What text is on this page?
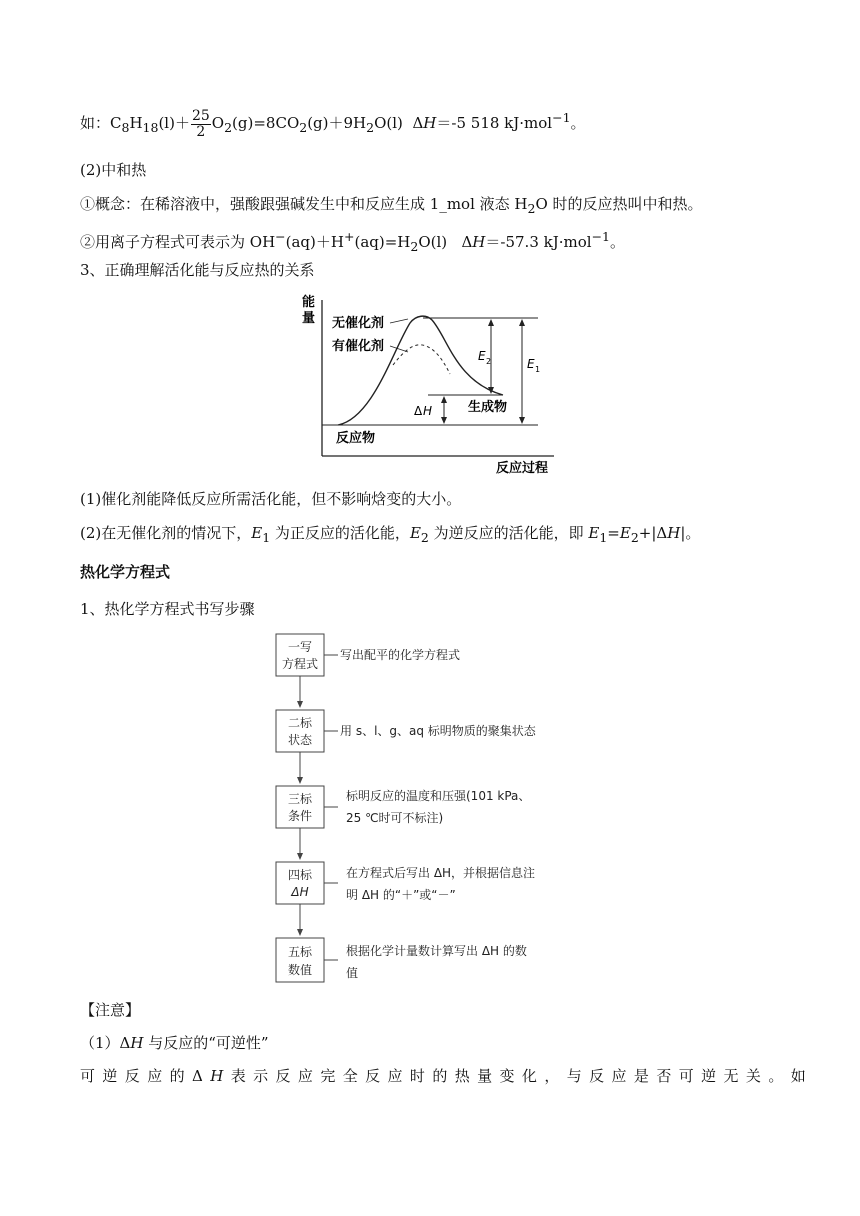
如：$C_8H_{18}(l)+ \frac{25}{2} O_2(g)=8CO_2(g)+9H_2O(l)$ ΔH＝-5 518 kJ·mol$^{-1}$。
(2)中和热
①概念：在稀溶液中，强酸跟强碱发生中和反应生成 1_mol 液态 $H_2O$ 时的反应热叫中和热。
②用离子方程式可表示为 $OH^-(aq)+H^+(aq)=H_2O(l)$ ΔH＝-57.3 kJ·mol$^{-1}$。
3、正确理解活化能与反应热的关系
能
量
反应过程
无催化剂
有催化剂
反应物
生成物
E 2	E 1
Δ H
(1)催化剂能降低反应所需活化能，但不影响焓变的大小。
(2)在无催化剂的情况下，$E_1$ 为正反应的活化能，$E_2$ 为逆反应的活化能，即 $E_1=E_2+|\Delta H|$。
热化学方程式
1、热化学方程式书写步骤
一写
方程式
写出配平的化学方程式
二标
状态
用 s、l、g、aq 标明物质的聚集状态
三标
条件
标明反应的温度和压强(101 kPa、
25 ℃时可不标注)
四标
ΔH
在方程式后写出 ΔH，并根据信息注
明 ΔH 的“＋”或“－”
五标
数值
根据化学计量数计算写出 ΔH 的数
值
【注意】
（1）ΔH 与反应的“可逆性”
可逆反应的ΔH表示反应完全反应时的热量变化，与反应是否可逆无关。如
